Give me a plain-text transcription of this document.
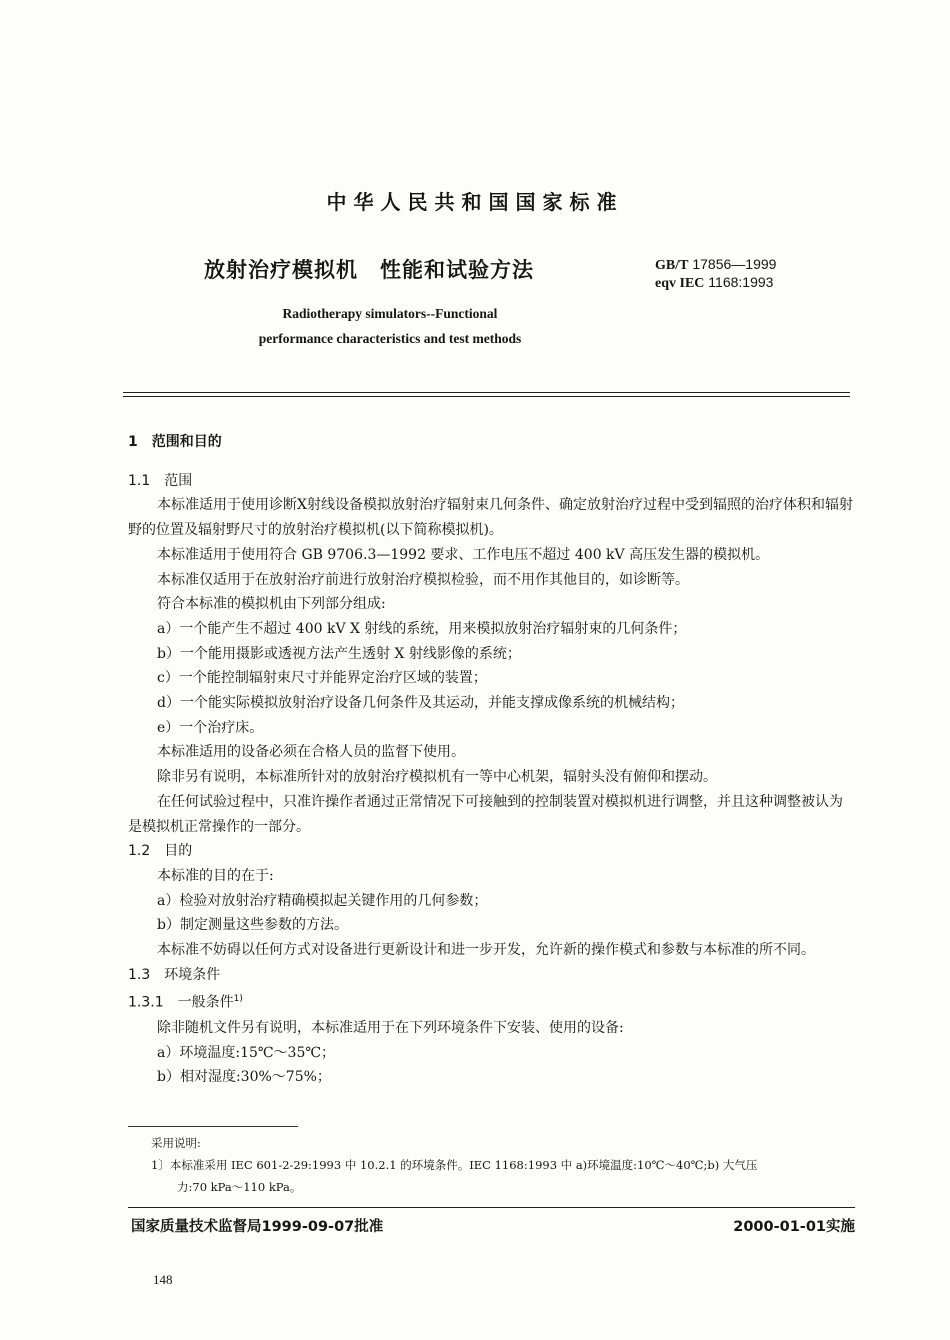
中华人民共和国国家标准
放射治疗模拟机　性能和试验方法	GB/T 17856—1999
eqv IEC 1168:1993
Radiotherapy simulators--Functional
performance characteristics and test methods

1　范围和目的

1.1　范围

本标准适用于使用诊断X射线设备模拟放射治疗辐射束几何条件、确定放射治疗过程中受到辐照的治疗体积和辐射野的位置及辐射野尺寸的放射治疗模拟机(以下简称模拟机)。

本标准适用于使用符合 GB 9706.3—1992 要求、工作电压不超过 400 kV 高压发生器的模拟机。

本标准仅适用于在放射治疗前进行放射治疗模拟检验，而不用作其他目的，如诊断等。

符合本标准的模拟机由下列部分组成:

a）一个能产生不超过 400 kV X 射线的系统，用来模拟放射治疗辐射束的几何条件；

b）一个能用摄影或透视方法产生透射 X 射线影像的系统；

c）一个能控制辐射束尺寸并能界定治疗区域的装置；

d）一个能实际模拟放射治疗设备几何条件及其运动，并能支撑成像系统的机械结构；

e）一个治疗床。

本标准适用的设备必须在合格人员的监督下使用。

除非另有说明，本标准所针对的放射治疗模拟机有一等中心机架，辐射头没有俯仰和摆动。

在任何试验过程中，只准许操作者通过正常情况下可接触到的控制装置对模拟机进行调整，并且这种调整被认为是模拟机正常操作的一部分。

1.2　目的

本标准的目的在于:

a）检验对放射治疗精确模拟起关键作用的几何参数；

b）制定测量这些参数的方法。

本标准不妨碍以任何方式对设备进行更新设计和进一步开发，允许新的操作模式和参数与本标准的所不同。

1.3　环境条件

1.3.1　一般条件$^{1)}$

除非随机文件另有说明，本标准适用于在下列环境条件下安装、使用的设备:

a）环境温度:15℃～35℃；

b）相对湿度:30%～75%；

采用说明:

1〕本标准采用 IEC 601-2-29:1993 中 10.2.1 的环境条件。IEC 1168:1993 中 a)环境温度:10℃～40℃;b) 大气压

力:70 kPa～110 kPa。

国家质量技术监督局1999-09-07批准	2000-01-01实施
148
